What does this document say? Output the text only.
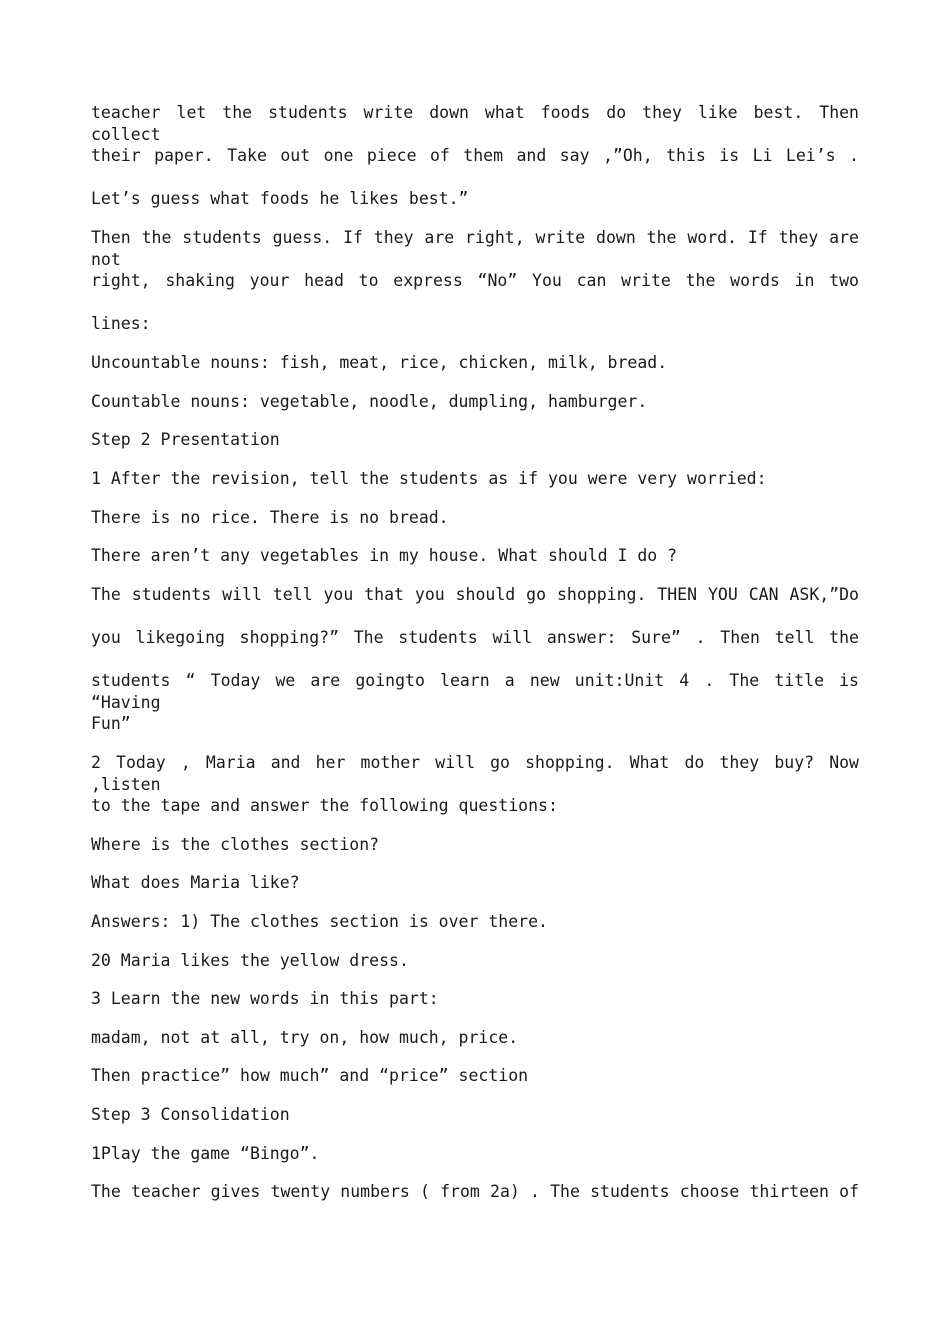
teacher let the students write down what foods do they like best. Then collect
their paper. Take out one piece of them and say ,”Oh, this is Li Lei’s .
Let’s guess what foods he likes best.”
Then the students guess. If they are right, write down the word. If they are not
right, shaking your head to express “No” You can write the words in two
lines:
Uncountable nouns: fish, meat, rice, chicken, milk, bread.
Countable nouns: vegetable, noodle, dumpling, hamburger.
Step 2 Presentation
1 After the revision, tell the students as if you were very worried:
There is no rice. There is no bread.
There aren’t any vegetables in my house. What should I do ?
The students will tell you that you should go shopping. THEN YOU CAN ASK,”Do
you likegoing shopping?” The students will answer: Sure” . Then tell the
students “ Today we are goingto learn a new unit:Unit 4 . The title is “Having
Fun”
2 Today , Maria and her mother will go shopping. What do they buy? Now ,listen
to the tape and answer the following questions:
Where is the clothes section?
What does Maria like?
Answers: 1) The clothes section is over there.
20 Maria likes the yellow dress.
3 Learn the new words in this part:
madam, not at all, try on, how much, price.
Then practice” how much” and “price” section
Step 3 Consolidation
1Play the game “Bingo”.
The teacher gives twenty numbers ( from 2a) . The students choose thirteen of
